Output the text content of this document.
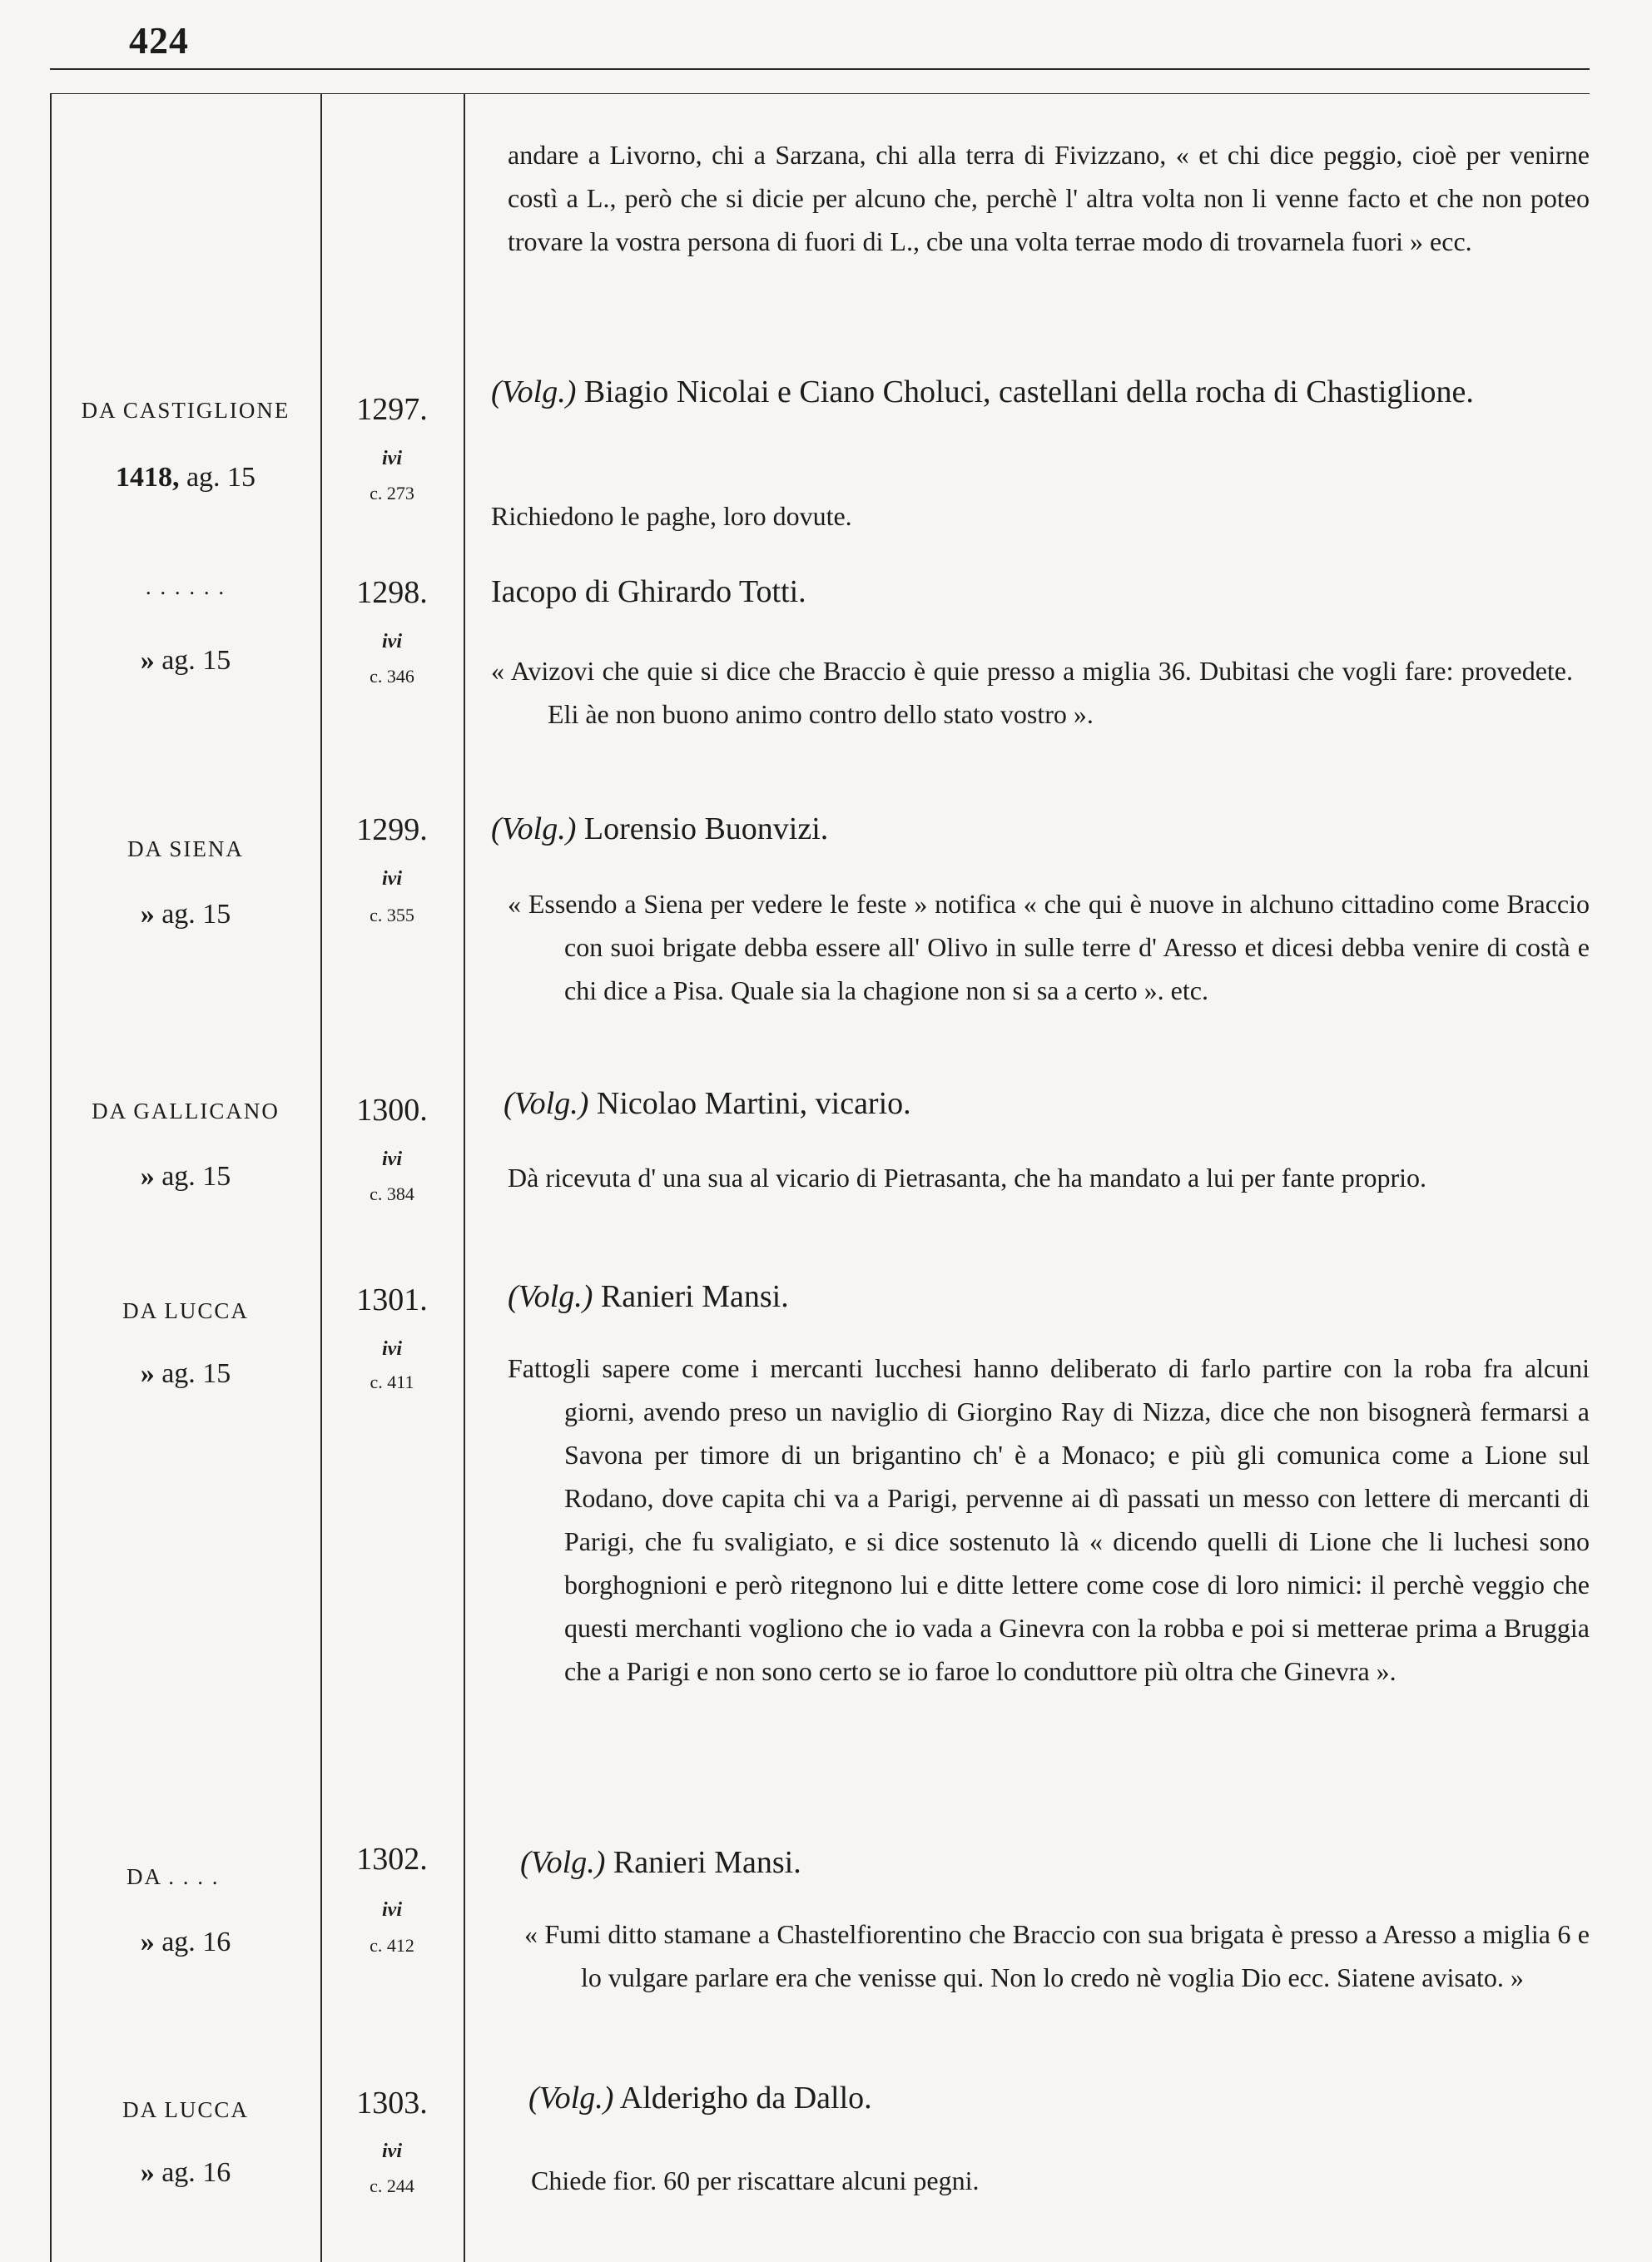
424
andare a Livorno, chi a Sarzana, chi alla terra di Fivizzano, « et chi dice peggio, cioè per venirne costì a L., però che si dicie per alcuno che, perchè l' altra volta non li venne facto et che non poteo trovare la vostra persona di fuori di L., cbe una volta terrae modo di trovarnela fuori » ecc.
DA CASTIGLIONE
1418, ag. 15
1297.
ivi
c. 273
(Volg.) Biagio Nicolai e Ciano Choluci, castellani della rocha di Chastiglione.
Richiedono le paghe, loro dovute.
. . . . . .
» ag. 15
1298.
ivi
c. 346
Iacopo di Ghirardo Totti.
« Avizovi che quie si dice che Braccio è quie presso a miglia 36. Dubitasi che vogli fare: provedete. Eli àe non buono animo contro dello stato vostro ».
DA SIENA
» ag. 15
1299.
ivi
c. 355
(Volg.) Lorensio Buonvizi.
« Essendo a Siena per vedere le feste » notifica « che qui è nuove in alchuno cittadino come Braccio con suoi brigate debba essere all' Olivo in sulle terre d' Aresso et dicesi debba venire di costà e chi dice a Pisa. Quale sia la chagione non si sa a certo ». etc.
DA GALLICANO
» ag. 15
1300.
ivi
c. 384
(Volg.) Nicolao Martini, vicario.
Dà ricevuta d' una sua al vicario di Pietrasanta, che ha mandato a lui per fante proprio.
DA LUCCA
» ag. 15
1301.
ivi
c. 411
(Volg.) Ranieri Mansi.
Fattogli sapere come i mercanti lucchesi hanno deliberato di farlo partire con la roba fra alcuni giorni, avendo preso un naviglio di Giorgino Ray di Nizza, dice che non bisognerà fermarsi a Savona per timore di un brigantino ch' è a Monaco; e più gli comunica come a Lione sul Rodano, dove capita chi va a Parigi, pervenne ai dì passati un messo con lettere di mercanti di Parigi, che fu svaligiato, e si dice sostenuto là « dicendo quelli di Lione che li luchesi sono borghognioni e però ritegnono lui e ditte lettere come cose di loro nimici: il perchè veggio che questi merchanti vogliono che io vada a Ginevra con la robba e poi si metterae prima a Bruggia che a Parigi e non sono certo se io faroe lo conduttore più oltra che Ginevra ».
DA . . . .
» ag. 16
1302.
ivi
c. 412
(Volg.) Ranieri Mansi.
« Fumi ditto stamane a Chastelfiorentino che Braccio con sua brigata è presso a Aresso a miglia 6 e lo vulgare parlare era che venisse qui. Non lo credo nè voglia Dio ecc. Siatene avisato. »
DA LUCCA
» ag. 16
1303.
ivi
c. 244
(Volg.) Alderigho da Dallo.
Chiede fior. 60 per riscattare alcuni pegni.
